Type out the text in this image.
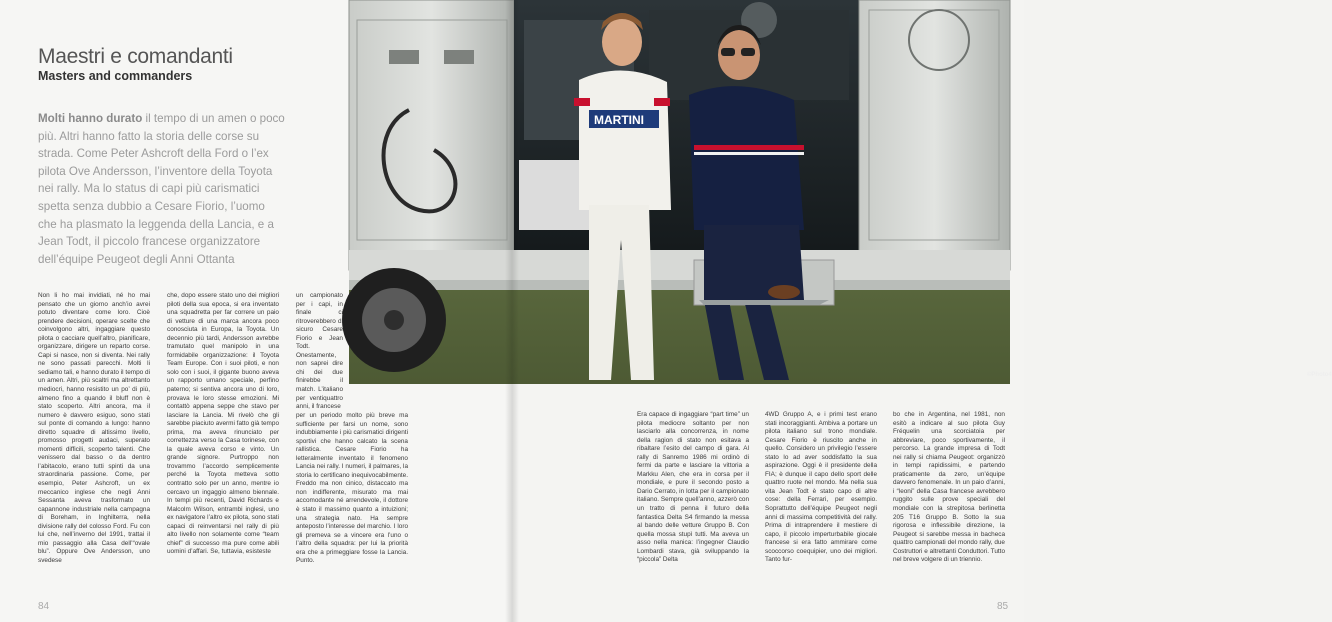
MARTINI
©Photo4
Maestri e comandanti
Masters and commanders
Molti hanno durato il tempo di un amen o poco più. Altri hanno fatto la storia delle corse su strada. Come Peter Ashcroft della Ford o l’ex pilota Ove Andersson, l’inventore della Toyota nei rally. Ma lo status di capi più carismatici spetta senza dubbio a Cesare Fiorio, l’uomo che ha plasmato la leggenda della Lancia, e a Jean Todt, il piccolo francese organizzatore dell’équipe Peugeot degli Anni Ottanta
Non li ho mai invidiati, né ho mai pensato che un giorno anch’io avrei potuto diventare come loro. Cioè prendere decisioni, operare scelte che coinvolgono altri, ingaggiare questo pilota o cacciare quell’altro, pianificare, organizzare, dirigere un reparto corse. Capi si nasce, non si diventa. Nei rally ne sono passati parecchi. Molti li sediamo tali, e hanno durato il tempo di un amen. Altri, più scaltri ma altrettanto mediocri, hanno resistito un po’ di più, almeno fino a quando il bluff non è stato scoperto. Altri ancora, ma il numero è davvero esiguo, sono stati sul ponte di comando a lungo: hanno diretto squadre di altissimo livello, promosso progetti audaci, superato momenti difficili, scoperto talenti. Che venissero dal basso o da dentro l’abitacolo, erano tutti spinti da una straordinaria passione. Come, per esempio, Peter Ashcroft, un ex meccanico inglese che negli Anni Sessanta aveva trasformato un capannone industriale nella campagna di Boreham, in Inghilterra, nella divisione rally del colosso Ford. Fu con lui che, nell’inverno del 1991, trattai il mio passaggio alla Casa dell’“ovale blu”. Oppure Ove Andersson, uno svedese
che, dopo essere stato uno dei migliori piloti della sua epoca, si era inventato una squadretta per far correre un paio di vetture di una marca ancora poco conosciuta in Europa, la Toyota. Un decennio più tardi, Andersson avrebbe tramutato quel manipolo in una formidabile organizzazione: il Toyota Team Europe. Con i suoi piloti, e non solo con i suoi, il gigante buono aveva un rapporto umano speciale, perfino paterno; si sentiva ancora uno di loro, provava le loro stesse emozioni. Mi contattò appena seppe che stavo per lasciare la Lancia. Mi rivelò che gli sarebbe piaciuto avermi fatto già tempo prima, ma aveva rinunciato per correttezza verso la Casa torinese, con la quale aveva corso e vinto. Un grande signore. Purtroppo non trovammo l’accordo semplicemente perché la Toyota metteva sotto contratto solo per un anno, mentre io cercavo un ingaggio almeno biennale. In tempi più recenti, David Richards e Malcolm Wilson, entrambi inglesi, uno ex navigatore l’altro ex pilota, sono stati capaci di reinventarsi nel rally di più alto livello non solamente come “team chief” di successo ma pure come abili uomini d’affari. Se, tuttavia, esisteste
un campionato per i capi, in finale ci ritroverebbero di sicuro Cesare Fiorio e Jean Todt. Onestamente, non saprei dire chi dei due finirebbe il match. L’italiano per ventiquattro anni, il francese
per un periodo molto più breve ma sufficiente per farsi un nome, sono indubbiamente i più carismatici dirigenti sportivi che hanno calcato la scena rallistica. Cesare Fiorio ha letteralmente inventato il fenomeno Lancia nei rally. I numeri, il palmares, la storia lo certificano inequivocabilmente. Freddo ma non cinico, distaccato ma non indifferente, misurato ma mai accomodante né arrendevole, il dottore è stato il massimo quanto a intuizioni; una strategia nato. Ha sempre anteposto l’interesse del marchio. I loro gli premeva se a vincere era l’uno o l’altro della squadra: per lui la priorità era che a primeggiare fosse la Lancia. Punto.
Era capace di ingaggiare “part time” un pilota mediocre soltanto per non lasciarlo alla concorrenza, in nome della ragion di stato non esitava a ribaltare l’esito del campo di gara. Al rally di Sanremo 1986 mi ordinò di fermi da parte e lasciare la vittoria a Markku Alen, che era in corsa per il mondiale, e pure il secondo posto a Dario Cerrato, in lotta per il campionato italiano. Sempre quell’anno, azzerò con un tratto di penna il futuro della fantastica Delta S4 firmando la messa al bando delle vetture Gruppo B. Con quella mossa stupì tutti. Ma aveva un asso nella manica: l’ingegner Claudio Lombardi stava, già sviluppando la “piccola” Delta
4WD Gruppo A, e i primi test erano stati incoraggianti. Ambiva a portare un pilota italiano sul trono mondiale. Cesare Fiorio è riuscito anche in quello. Considero un privilegio l’essere stato lo ad aver soddisfatto la sua aspirazione. Oggi è il presidente della FIA; è dunque il capo dello sport delle quattro ruote nel mondo. Ma nella sua vita Jean Todt è stato capo di altre cose: della Ferrari, per esempio. Soprattutto dell’équipe Peugeot negli anni di massima competitività del rally. Prima di intraprendere il mestiere di capo, il piccolo imperturbabile giocale francese si era fatto ammirare come scoccorso coequipier, uno dei migliori. Tanto fur-
bo che in Argentina, nel 1981, non esitò a indicare al suo pilota Guy Fréquelin una scorciatoia per abbreviare, poco sportivamente, il percorso. La grande impresa di Todt nei rally si chiama Peugeot: organizzò in tempi rapidissimi, e partendo praticamente da zero, un’équipe davvero fenomenale. In un paio d’anni, i “leoni” della Casa francese avrebbero ruggito sulle prove speciali del mondiale con la strepitosa berlinetta 205 T16 Gruppo B. Sotto la sua rigorosa e inflessibile direzione, la Peugeot si sarebbe messa in bacheca quattro campionati del mondo rally, due Costruttori e altrettanti Conduttori. Tutto nel breve volgere di un triennio.
84	85
